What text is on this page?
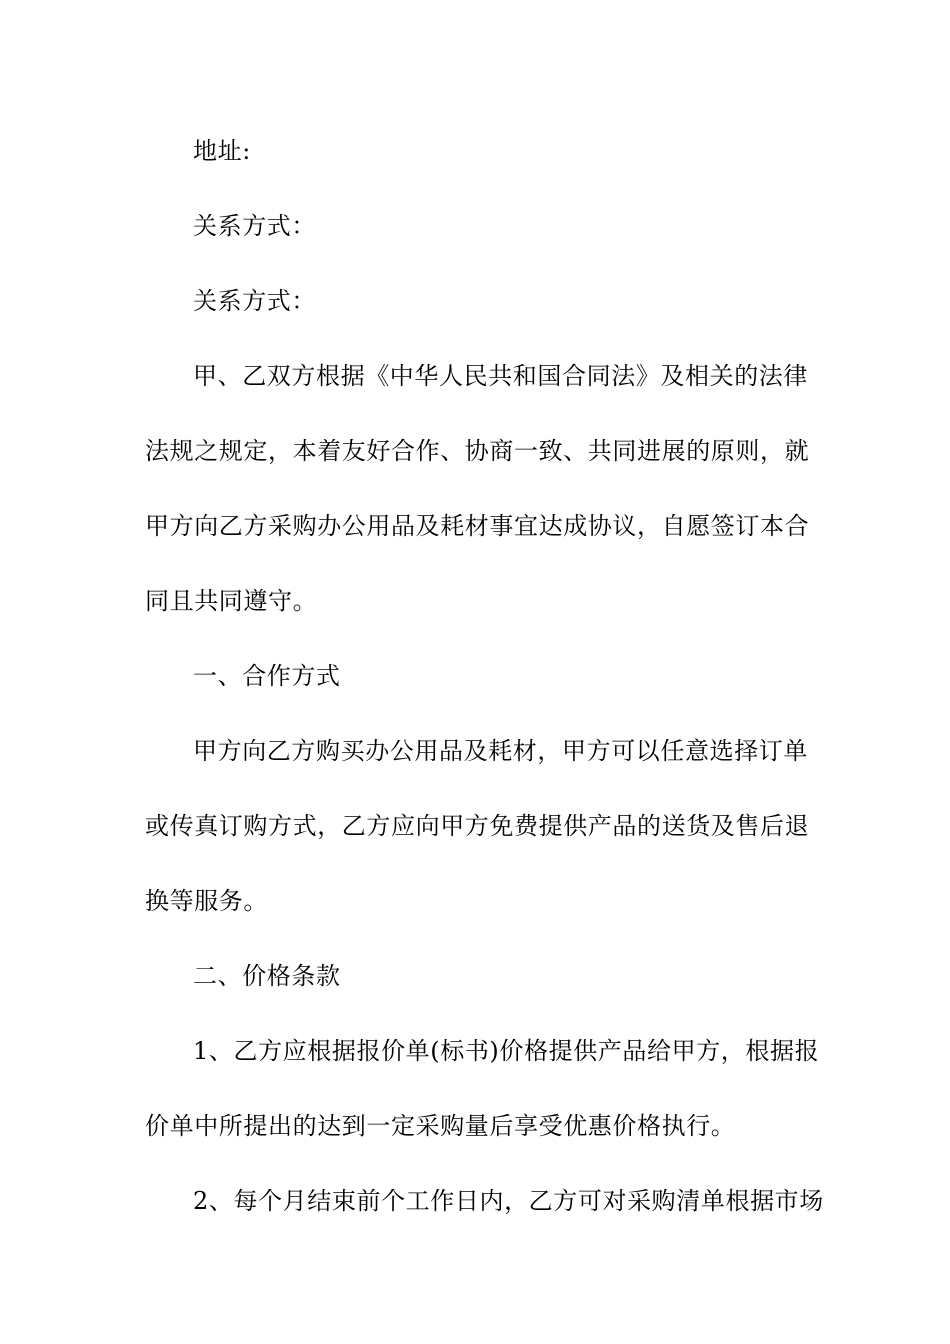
地址:
关系方式：
关系方式：
甲、乙双方根据《中华人民共和国合同法》及相关的法律
法规之规定，本着友好合作、协商一致、共同进展的原则，就
甲方向乙方采购办公用品及耗材事宜达成协议，自愿签订本合
同且共同遵守。
一、合作方式
甲方向乙方购买办公用品及耗材，甲方可以任意选择订单
或传真订购方式，乙方应向甲方免费提供产品的送货及售后退
换等服务。
二、价格条款
1、乙方应根据报价单(标书)价格提供产品给甲方，根据报
价单中所提出的达到一定采购量后享受优惠价格执行。
2、每个月结束前个工作日内，乙方可对采购清单根据市场
